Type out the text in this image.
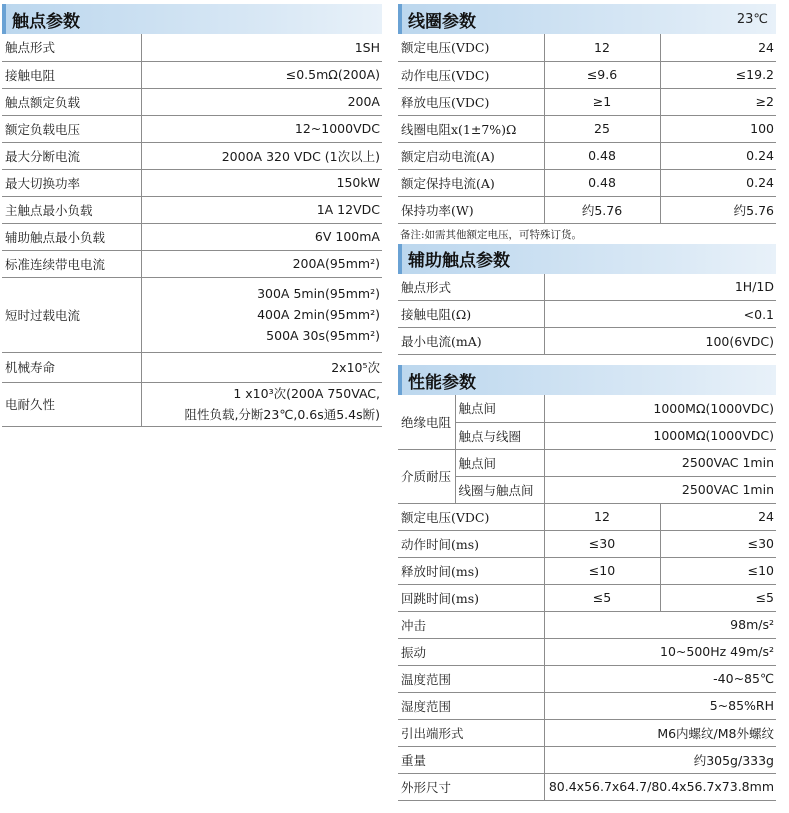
触点参数
触点形式	1SH
接触电阻	≤0.5mΩ(200A)
触点额定负载	200A
额定负载电压	12~1000VDC
最大分断电流	2000A 320 VDC (1次以上)
最大切换功率	150kW
主触点最小负载	1A 12VDC
辅助触点最小负载	6V 100mA
标准连续带电电流	200A(95mm²)
短时过载电流	300A 5min(95mm²)
400A 2min(95mm²)
500A 30s(95mm²)

机械寿命	2x10⁵次
电耐久性	1 x10³次(200A 750VAC,
阻性负载,分断23℃,0.6s通5.4s断)
线圈参数	23℃
额定电压(VDC)	12	24
动作电压(VDC)	≤9.6	≤19.2
释放电压(VDC)	≥1	≥2
线圈电阻x(1±7%)Ω	25	100
额定启动电流(A)	0.48	0.24
额定保持电流(A)	0.48	0.24
保持功率(W)	约5.76	约5.76
备注:如需其他额定电压，可特殊订货。
辅助触点参数
触点形式	1H/1D
接触电阻(Ω)	<0.1
最小电流(mA)	100(6VDC)
性能参数
绝缘电阻	触点间	1000MΩ(1000VDC)	
	触点与线圈	1000MΩ(1000VDC)	
介质耐压	触点间	2500VAC 1min	
	线圈与触点间	2500VAC 1min	
额定电压(VDC)		12	24
动作时间(ms)		≤30	≤30
释放时间(ms)		≤10	≤10
回跳时间(ms)		≤5	≤5
冲击		98m/s²	
振动		10~500Hz 49m/s²	
温度范围		-40~85℃	
湿度范围		5~85%RH	
引出端形式		M6内螺纹/M8外螺纹	
重量		约305g/333g	
外形尺寸		80.4x56.7x64.7/80.4x56.7x73.8mm	
